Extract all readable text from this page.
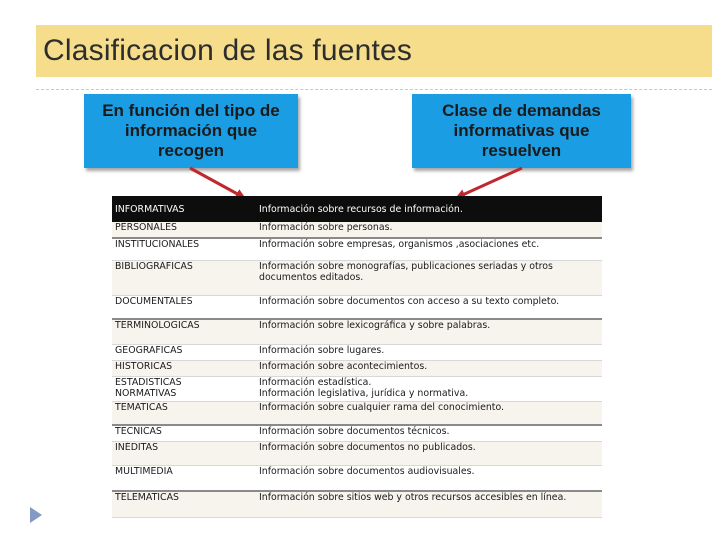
Clasificacion de las fuentes
En función del tipo de
información que
recogen
Clase de demandas
informativas que
resuelven
INFORMATIVAS	Información sobre recursos de información.
PERSONALES	Información sobre personas.
INSTITUCIONALES	Información sobre empresas, organismos ,asociaciones etc.
BIBLIOGRÁFICAS	Información sobre monografías, publicaciones seriadas y otros documentos editados.
DOCUMENTALES	Información sobre documentos con acceso a su texto completo.
TERMINOLÓGICAS	Información sobre lexicográfica y sobre palabras.
GEOGRAFICAS	Información sobre lugares.
HISTORICAS	Información sobre acontecimientos.
ESTADISTICAS	Información estadística.
NORMATIVAS	Información legislativa, jurídica y normativa.
TEMATICAS	Información sobre cualquier rama del conocimiento.
TECNICAS	Información sobre documentos técnicos.
INÉDITAS	Información sobre documentos no publicados.
MULTIMEDIA	Información sobre documentos audiovisuales.
TELEMATICAS	Información sobre sitios web y otros recursos accesibles en línea.
